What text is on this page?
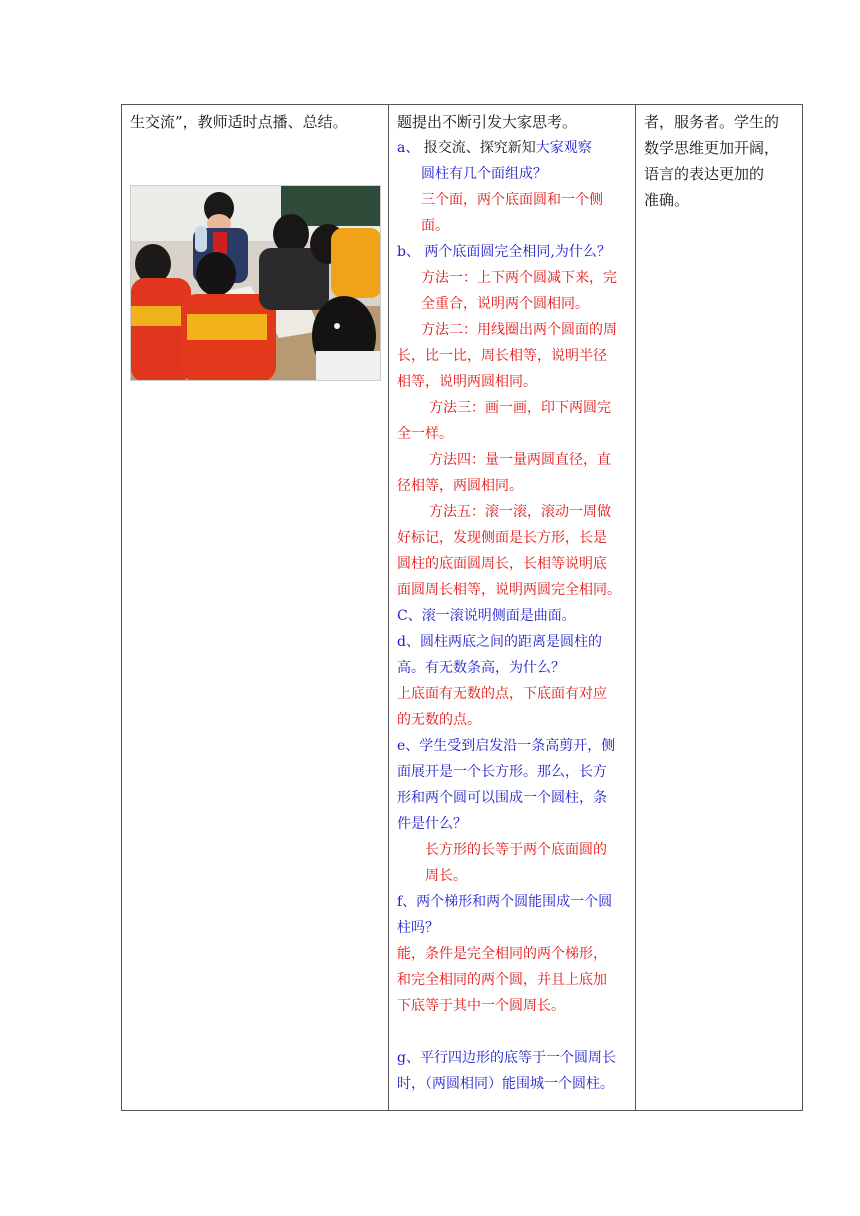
生交流”，教师适时点播、总结。	题提出不断引发大家思考。
a、 报交流、探究新知大家观察
圆柱有几个面组成？
三个面，两个底面圆和一个侧
面。
b、 两个底面圆完全相同,为什么？
方法一：上下两个圆减下来，完
全重合，说明两个圆相同。
方法二：用线圈出两个圆面的周
长，比一比，周长相等，说明半径
相等，说明两圆相同。
方法三：画一画，印下两圆完
全一样。
方法四：量一量两圆直径，直
径相等，两圆相同。
方法五：滚一滚，滚动一周做
好标记，发现侧面是长方形，长是
圆柱的底面圆周长，长相等说明底
面圆周长相等，说明两圆完全相同。
C、滚一滚说明侧面是曲面。
d、圆柱两底之间的距离是圆柱的
高。有无数条高，为什么？
上底面有无数的点，下底面有对应
的无数的点。
e、学生受到启发沿一条高剪开，侧
面展开是一个长方形。那么，长方
形和两个圆可以围成一个圆柱，条
件是什么？
长方形的长等于两个底面圆的
周长。
f、两个梯形和两个圆能围成一个圆
柱吗？
能，条件是完全相同的两个梯形，
和完全相同的两个圆，并且上底加
下底等于其中一个圆周长。
g、平行四边形的底等于一个圆周长
时，（两圆相同）能围城一个圆柱。
者，服务者。学生的
数学思维更加开阔，
语言的表达更加的
准确。
